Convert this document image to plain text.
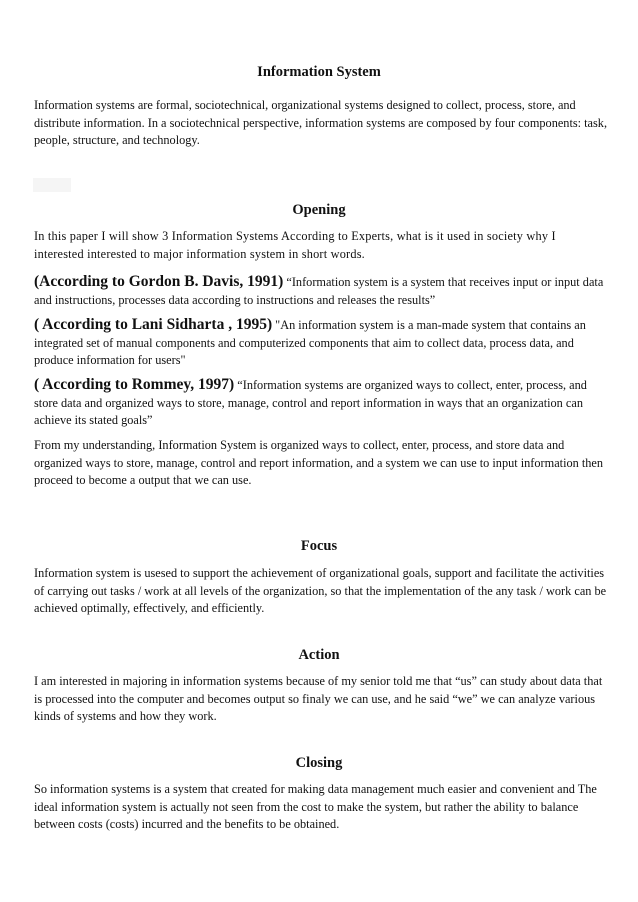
Information System

Information systems are formal, sociotechnical, organizational systems designed to collect, process, store, and distribute information. In a sociotechnical perspective, information systems are composed by four components: task, people, structure, and technology.

Opening

In this paper I will show 3 Information Systems According to Experts, what is it used in society why I interested interested to major information system in short words.

(According to Gordon B. Davis, 1991) “Information system is a system that receives input or input data and instructions, processes data according to instructions and releases the results”

( According to Lani Sidharta , 1995) "An information system is a man-made system that contains an integrated set of manual components and computerized components that aim to collect data, process data, and produce information for users"

( According to Rommey, 1997) “Information systems are organized ways to collect, enter, process, and store data and organized ways to store, manage, control and report information in ways that an organization can achieve its stated goals”

From my understanding, Information System is organized ways to collect, enter, process, and store data and organized ways to store, manage, control and report information, and a system we can use to input information then proceed to become a output that we can use.

Focus

Information system is usesed to support the achievement of organizational goals, support and facilitate the activities of carrying out tasks / work at all levels of the organization, so that the implementation of the any task / work can be achieved optimally, effectively, and efficiently.

Action

I am interested in majoring in information systems because of my senior told me that “us” can study about data that is processed into the computer and becomes output so finaly we can use, and he said “we” we can analyze various kinds of systems and how they work.

Closing

So information systems is a system that created for making data management much easier and convenient and The ideal information system is actually not seen from the cost to make the system, but rather the ability to balance between costs (costs) incurred and the benefits to be obtained.
